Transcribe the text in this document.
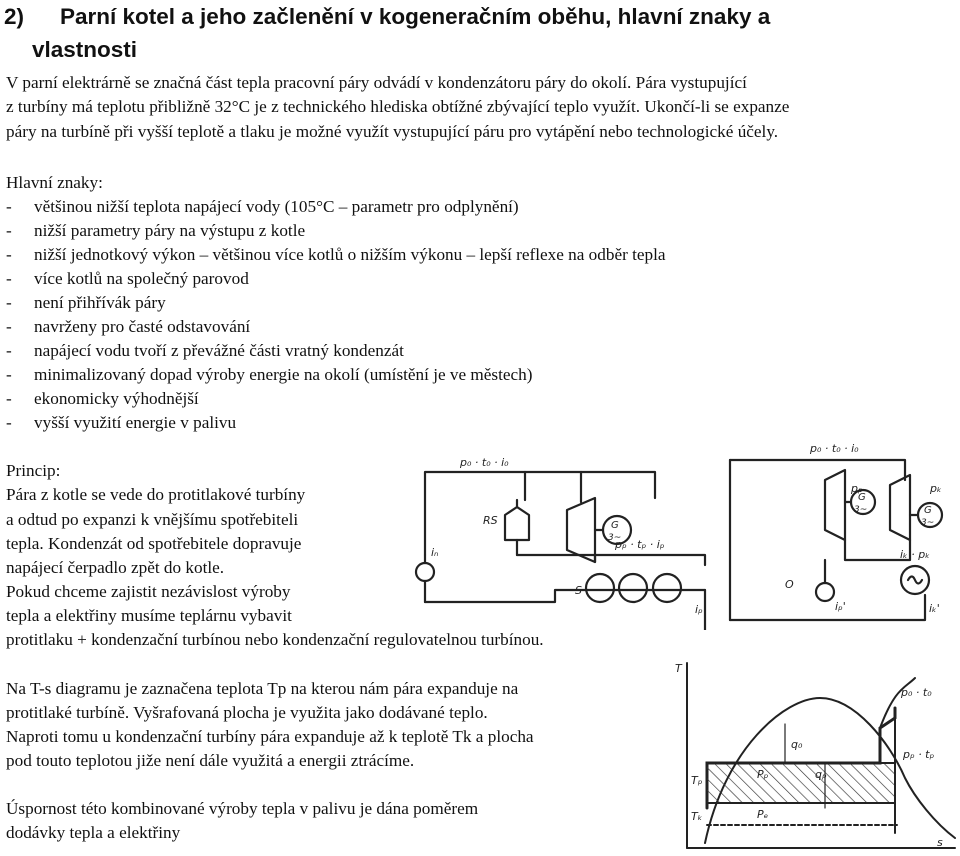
2) Parní kotel a jeho začlenění v kogeneračním oběhu, hlavní znaky a
vlastnosti
V parní elektrárně se značná část tepla pracovní páry odvádí v kondenzátoru páry do okolí. Pára vystupující
z turbíny má teplotu přibližně 32°C je z technického hlediska obtížné zbývající teplo využít. Ukončí-li se expanze
páry na turbíně při vyšší teplotě a tlaku je možné využít vystupující páru pro vytápění nebo technologické účely.
Hlavní znaky:
- většinou nižší teplota napájecí vody (105°C – parametr pro odplynění)
- nižší parametry páry na výstupu z kotle
- nižší jednotkový výkon – většinou více kotlů o nižším výkonu – lepší reflexe na odběr tepla
- více kotlů na společný parovod
- není přihřívák páry
- navrženy pro časté odstavování
- napájecí vodu tvoří z převážné části vratný kondenzát
- minimalizovaný dopad výroby energie na okolí (umístění je ve městech)
- ekonomicky výhodnější
- vyšší využití energie v palivu
Princip:
Pára z kotle se vede do protitlakové turbíny
a odtud po expanzi k vnějšímu spotřebiteli
tepla. Kondenzát od spotřebitele dopravuje
napájecí čerpadlo zpět do kotle.
Pokud chceme zajistit nezávislost výroby
tepla a elektřiny musíme teplárnu vybavit
protitlaku + kondenzační turbínou nebo kondenzační regulovatelnou turbínou.
Na T-s diagramu je zaznačena teplota Tp na kterou nám pára expanduje na
protitlaké turbíně. Vyšrafovaná plocha je využita jako dodávané teplo.
Naproti tomu u kondenzační turbíny pára expanduje až k teplotě Tk a plocha
pod touto teplotou jiže není dále využitá a energii ztrácíme.
Úspornost této kombinované výroby tepla v palivu je dána poměrem
dodávky tepla a elektřiny
p₀ · t₀ · i₀
p₀ · t₀ · i₀
RS	G
3~
G
3~	G
3~
pₚ · tₚ · iₚ
pₖ
pₚ
iₖ · pₖ
iₚ	iₚ'	iₖ'
iₙ
S	O
T
s
p₀ · t₀
pₚ · tₚ
Tₚ
Tₖ
q₀
qₚ
Pₚ
Pₑ
